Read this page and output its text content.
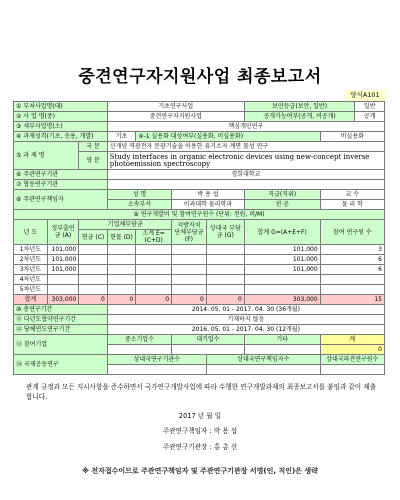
중견연구자지원사업 최종보고서
양식A101
① 부처사업명(대)			기초연구사업				보안등급(보안, 일반)		일반
② 사 업 명(중)			중견연구자지원사업				공개가능여부(공개, 비공개)		공개
③ 세부사업명(소)			핵심개인연구						
④ 과제성격(기초, 응용, 개발)			기초	④-1 실용화 대상여부(실용화, 비실용화)				비실용화	
⑤ 과 제 명		국 문	신개념 역광전자 분광기술을 이용한 유기소자 계면 물성 연구						
		영 문	Study interfaces in organic electronic devices using new-concept inverse photoemission spectroscopy						
⑥ 주관연구기관			경희대학교						
⑦ 협동연구기관									
⑧ 주관연구책임자			성 명		박 용 섭		직급(직위)	교 수	
			소속부서		이과대학 물리학과		전 공	물 리 학	
⑨ 연구개발비 및 참여연구원수 (단위: 천원, 퍼/M)									
년 도	정부출연금 (A)	기업체부담금			지방자치 단체부담금 (F)	상대국 부담금 (G)	합계 G=(A+E+F)	참여 연구원 수	
		현금 (C)	현물 (D)	소계 E=(C+D)					
1차년도	101,000						101,000	3	
2차년도	101,000						101,000	6	
3차년도	101,000						101,000	6	
4차년도									
5차년도									
합계	303,000	0	0	0	0	0	303,000	15	
⑩ 총연구기간			2014. 05. 01 - 2017. 04. 30 (36개월)						
⑪ 다년도협약연구기간			기재하지 않음						
⑫ 당해연도연구기간			2016. 05. 01 - 2017. 04. 30 (12개월)						
⑬ 참여기업			중소기업수		대기업수		기타	계	
								0	
⑭ 국제공동연구			상대국연구기관수			상대국연구책임자수		상대국파견연구원수	

관계 규정과 모든 지시사항을 준수하면서 국가연구개발사업에 따라 수행한 연구개발과제의 최종보고서를 붙임과 같이 제출 합니다.
2017 년 월 일
주관연구책임자 : 박 용 섭
주관연구기관장 : 홍 총 선
※ 전자접수이므로 주관연구책임자 및 주관연구기관장 서명(인, 직인)은 생략
